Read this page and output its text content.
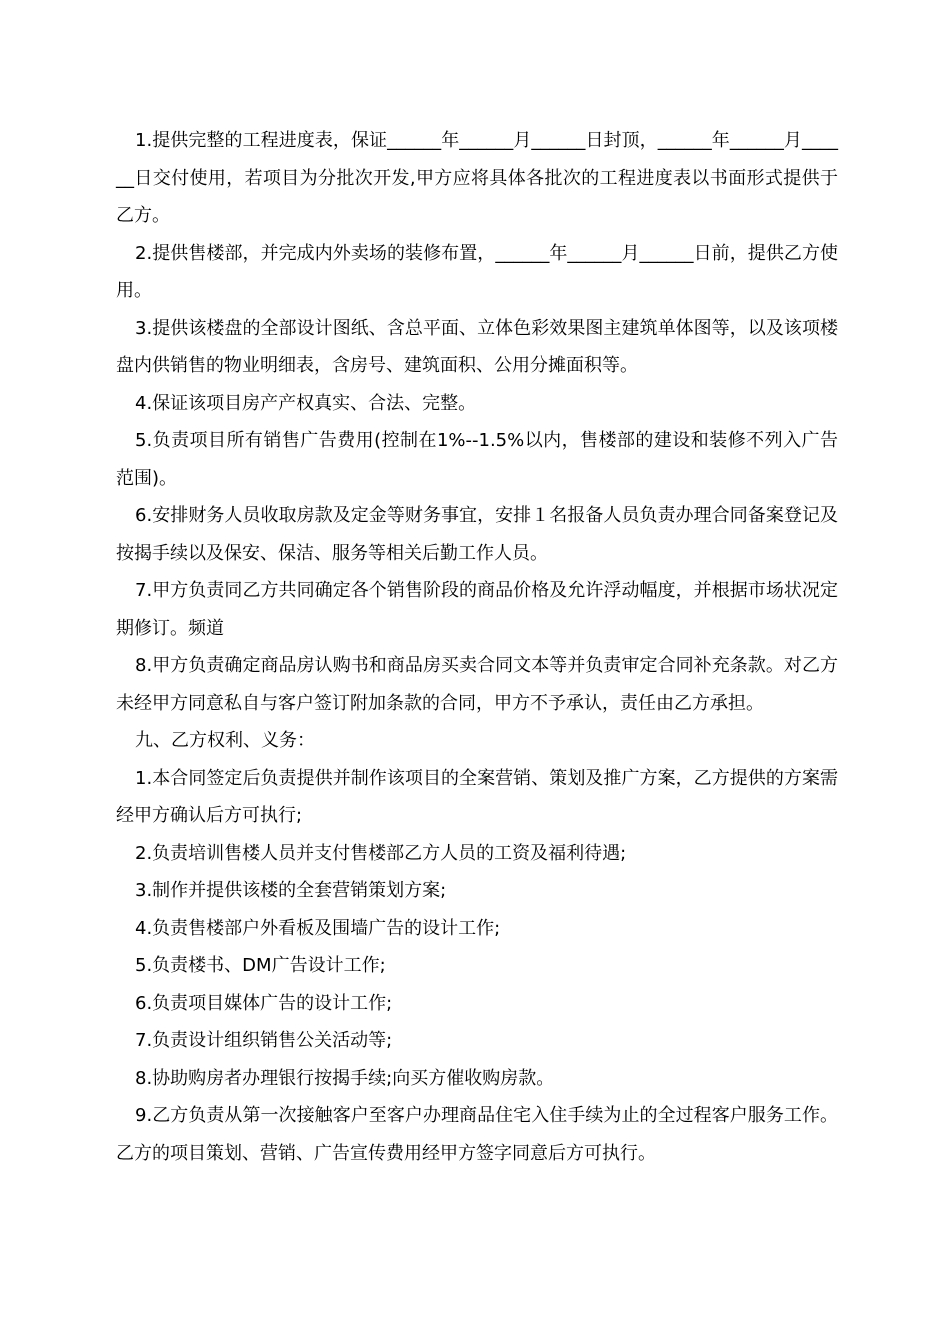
1.提供完整的工程进度表，保证______年______月______日封顶，______年______月______日交付使用，若项目为分批次开发,甲方应将具体各批次的工程进度表以书面形式提供于乙方。

2.提供售楼部，并完成内外卖场的装修布置，______年______月______日前，提供乙方使用。

3.提供该楼盘的全部设计图纸、含总平面、立体色彩效果图主建筑单体图等，以及该项楼盘内供销售的物业明细表，含房号、建筑面积、公用分摊面积等。

4.保证该项目房产产权真实、合法、完整。

5.负责项目所有销售广告费用(控制在1%--1.5%以内，售楼部的建设和装修不列入广告范围)。

6.安排财务人员收取房款及定金等财务事宜，安排１名报备人员负责办理合同备案登记及按揭手续以及保安、保洁、服务等相关后勤工作人员。

7.甲方负责同乙方共同确定各个销售阶段的商品价格及允许浮动幅度，并根据市场状况定期修订。频道

8.甲方负责确定商品房认购书和商品房买卖合同文本等并负责审定合同补充条款。对乙方未经甲方同意私自与客户签订附加条款的合同，甲方不予承认，责任由乙方承担。

九、乙方权利、义务：

1.本合同签定后负责提供并制作该项目的全案营销、策划及推广方案，乙方提供的方案需经甲方确认后方可执行;

2.负责培训售楼人员并支付售楼部乙方人员的工资及福利待遇;

3.制作并提供该楼的全套营销策划方案;

4.负责售楼部户外看板及围墙广告的设计工作;

5.负责楼书、DM广告设计工作;

6.负责项目媒体广告的设计工作;

7.负责设计组织销售公关活动等;

8.协助购房者办理银行按揭手续;向买方催收购房款。

9.乙方负责从第一次接触客户至客户办理商品住宅入住手续为止的全过程客户服务工作。乙方的项目策划、营销、广告宣传费用经甲方签字同意后方可执行。
